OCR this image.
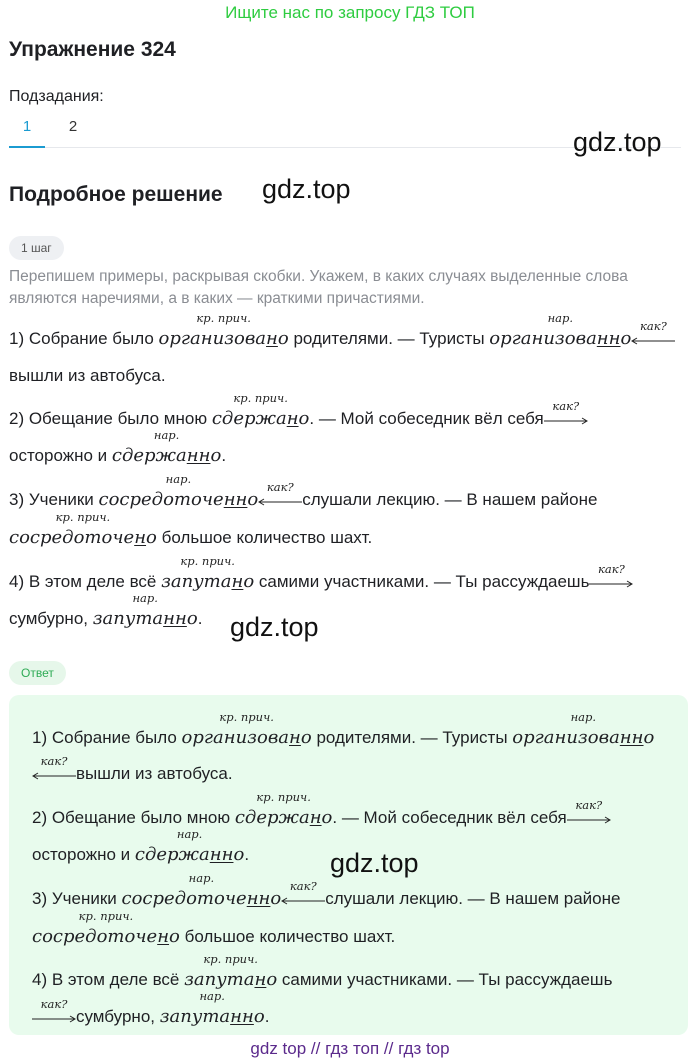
Ищите нас по запросу ГДЗ ТОП
Упражнение 324
Подзадания:
1	2
gdz.top
Подробное решение gdz.top
1 шаг
Перепишем примеры, раскрывая скобки. Укажем, в каких случаях выделенные слова являются наречиями, а в каких — краткими причастиями.
1) Собрание было
кр. прич.
организовано родителями. — Туристы
нар.
организованно
как?
вышли из автобуса.
2) Обещание было мною
кр. прич.
сдержано. — Мой собеседник вёл себя
как?
осторожно и
нар.
сдержанно.
3) Ученики
нар.
сосредоточенно
как?
слушали лекцию. — В нашем районе
кр. прич.
сосредоточено большое количество шахт.
4) В этом деле всё
кр. прич.
запутано самими участниками. — Ты рассуждаешь
как?
сумбурно,
нар.
запутанно. gdz.top
Ответ
1) Собрание было
кр. прич.
организовано родителями. — Туристы
нар.
организованно
как?
вышли из автобуса.
2) Обещание было мною
кр. прич.
сдержано. — Мой собеседник вёл себя
как?
осторожно и
нар.
сдержанно.	gdz.top
3) Ученики
нар.
сосредоточенно
как?
слушали лекцию. — В нашем районе
кр. прич.
сосредоточено большое количество шахт.
4) В этом деле всё
кр. прич.
запутано самими участниками. — Ты рассуждаешь
как?
сумбурно,
нар.
запутанно.
gdz top // гдз топ // гдз top
